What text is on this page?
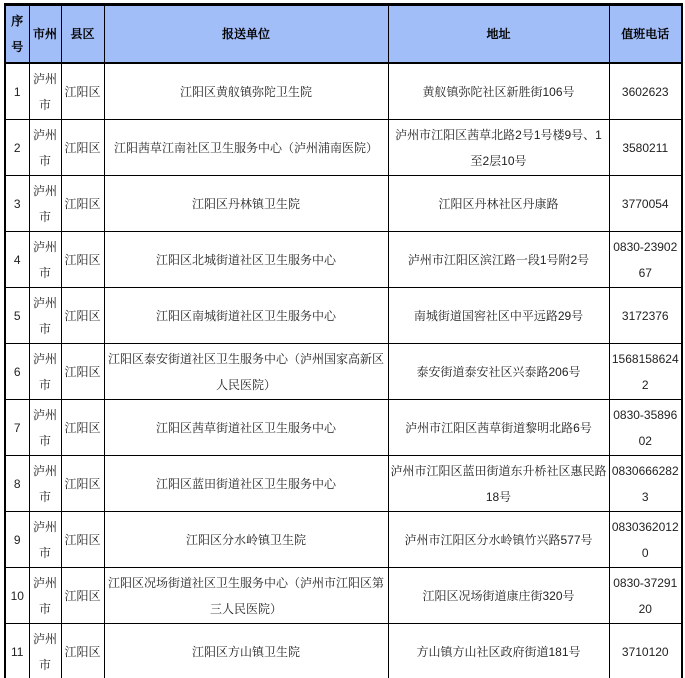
序号	市州	县区	报送单位	地址	值班电话
1	泸州市	江阳区	江阳区黄舣镇弥陀卫生院	黄舣镇弥陀社区新胜街106号	3602623
2	泸州市	江阳区	江阳茜草江南社区卫生服务中心（泸州浦南医院）	泸州市江阳区茜草北路2号1号楼9号、1至2层10号	3580211
3	泸州市	江阳区	江阳区丹林镇卫生院	江阳区丹林社区丹康路	3770054
4	泸州市	江阳区	江阳区北城街道社区卫生服务中心	泸州市江阳区滨江路一段1号附2号	0830-2390267
5	泸州市	江阳区	江阳区南城街道社区卫生服务中心	南城街道国窖社区中平远路29号	3172376
6	泸州市	江阳区	江阳区泰安街道社区卫生服务中心（泸州国家高新区人民医院）	泰安街道泰安社区兴泰路206号	15681586242
7	泸州市	江阳区	江阳区茜草街道社区卫生服务中心	泸州市江阳区茜草街道黎明北路6号	0830-3589602
8	泸州市	江阳区	江阳区蓝田街道社区卫生服务中心	泸州市江阳区蓝田街道东升桥社区惠民路18号	08306662823
9	泸州市	江阳区	江阳区分水岭镇卫生院	泸州市江阳区分水岭镇竹兴路577号	08303620120
10	泸州市	江阳区	江阳区况场街道社区卫生服务中心（泸州市江阳区第三人民医院）	江阳区况场街道康庄街320号	0830-3729120
11	泸州市	江阳区	江阳区方山镇卫生院	方山镇方山社区政府街道181号	3710120
